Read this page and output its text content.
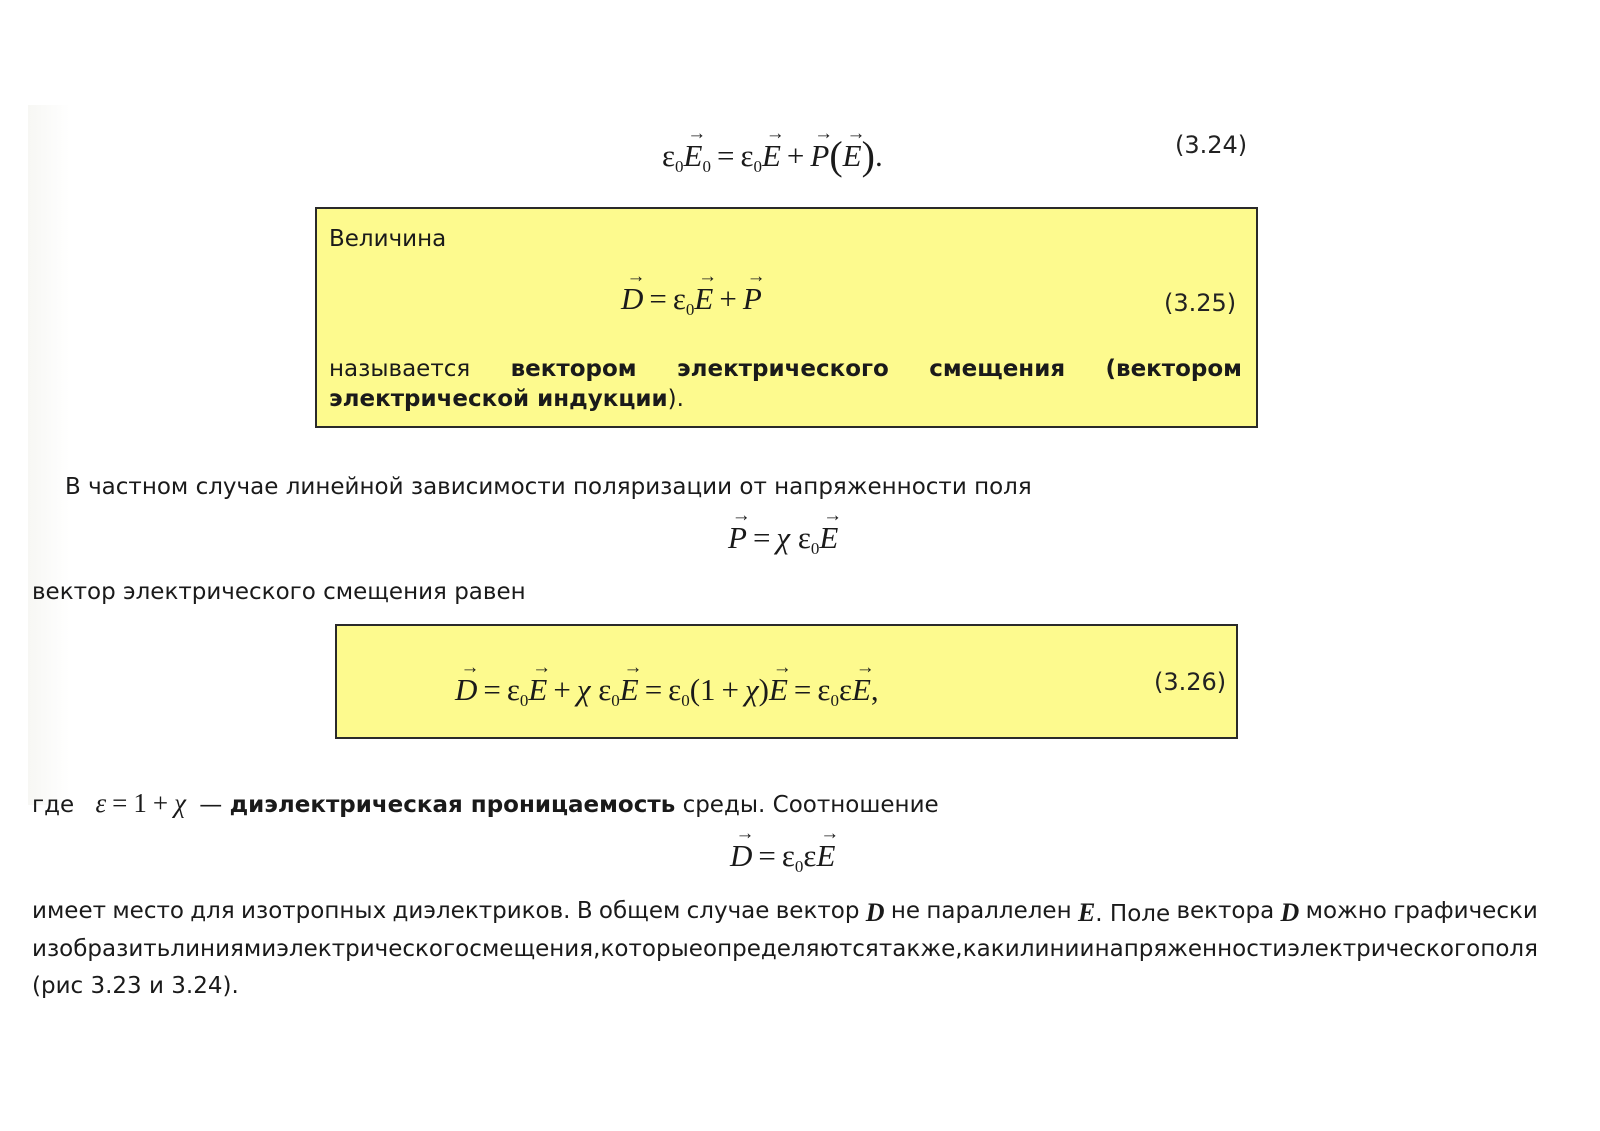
$\varepsilon_0\to E_0 = \varepsilon_0\to E +\to P(\to E)$.	(3.24)
Величина
→ $D = \varepsilon_0\to E +\to P$	(3.25)
называется вектором электрического смещения (вектором
электрической индукции).
В частном случае линейной зависимости поляризации от напряженности поля
→ P = χ $\varepsilon_0\to E$
вектор электрического смещения равен
→ $D = \varepsilon_0\to E + \chi$ $\varepsilon_0\to E = \varepsilon_0(1 + \chi)\to E = \varepsilon_0\varepsilon\to E$,	(3.26)
где ε = 1 + χ — диэлектрическая проницаемость среды. Соотношение
→ $D = \varepsilon_0\varepsilon\to E$
имеет место для изотропных диэлектриков. В общем случае вектор D не параллелен E. Поле вектора D можно графически
изобразить линиями электрического смещения, которые определяются так же, как и линии напряженности электрического поля
(рис 3.23 и 3.24).
